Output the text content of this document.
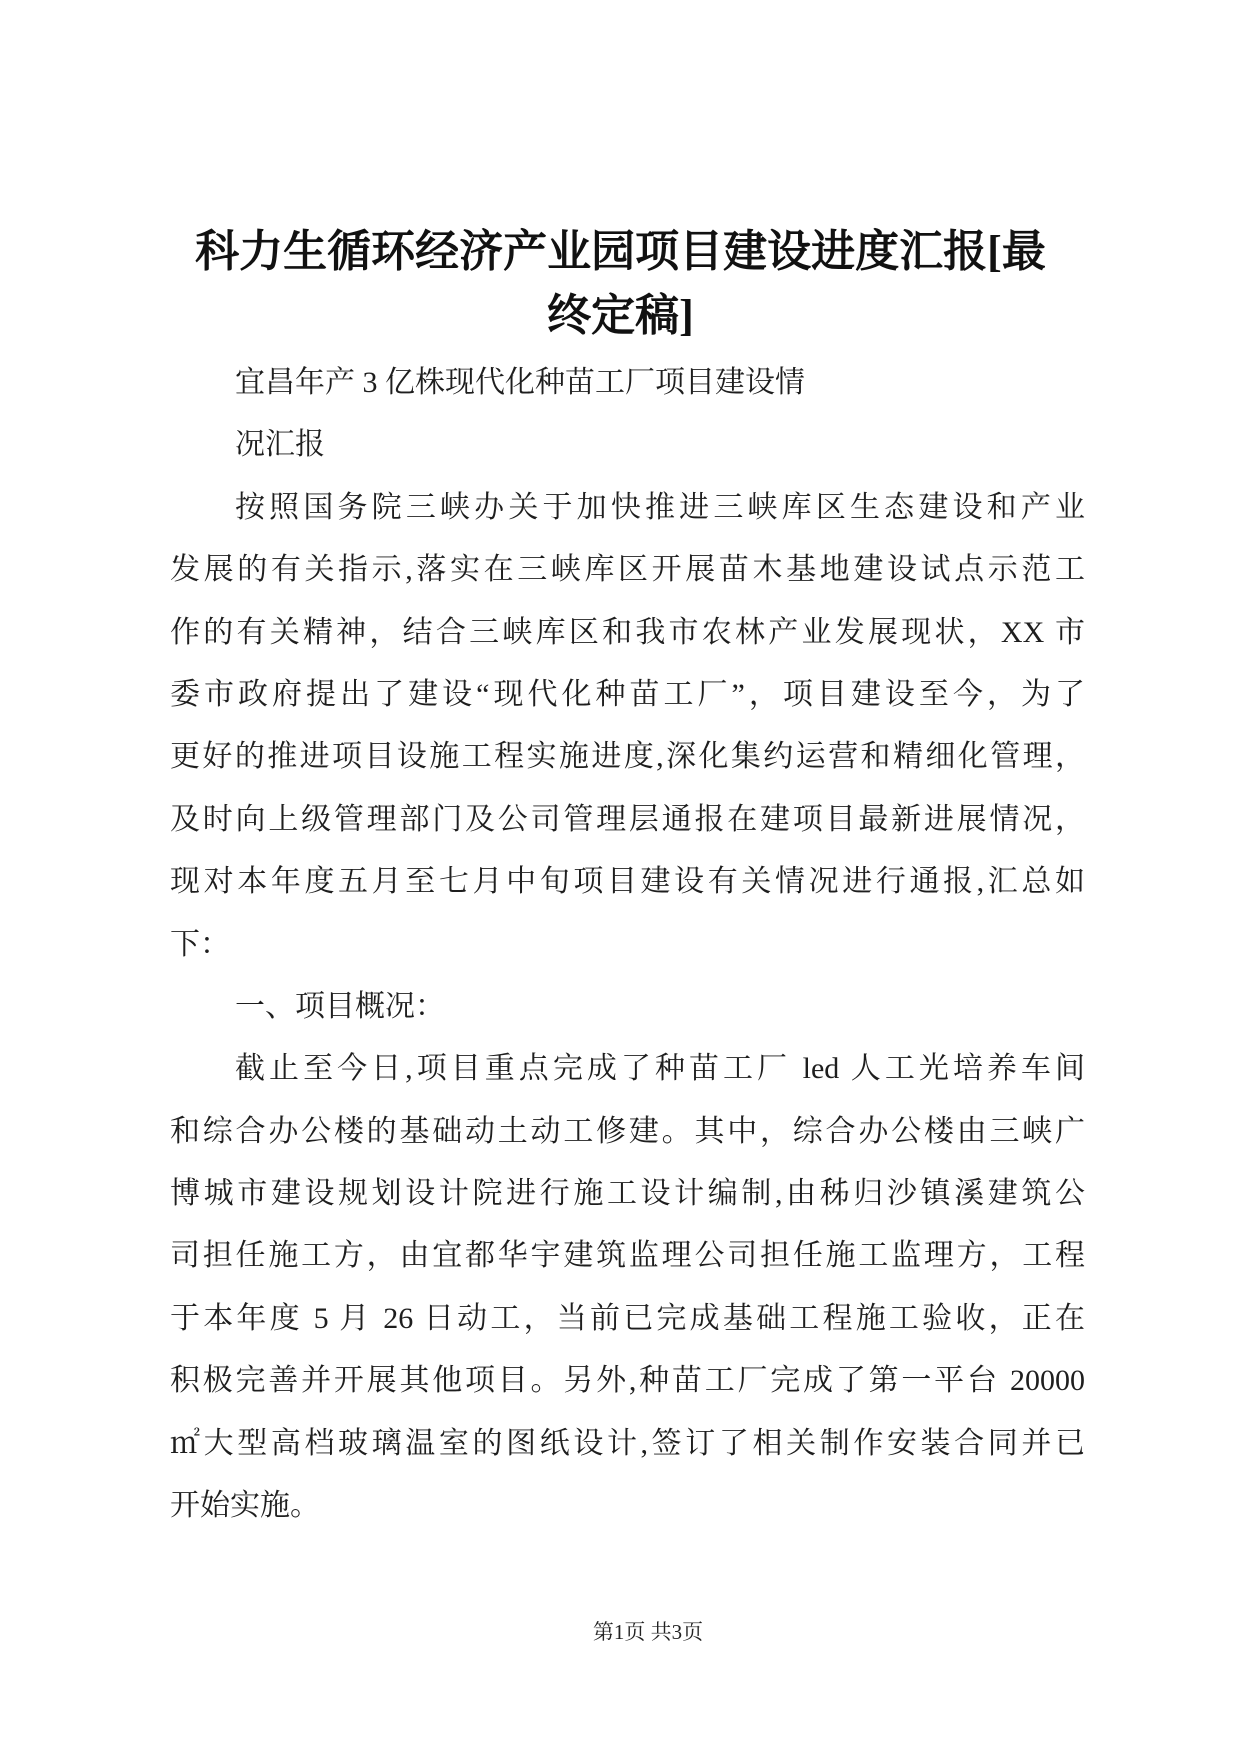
科力生循环经济产业园项目建设进度汇报[最
终定稿]
宜昌年产 3 亿株现代化种苗工厂项目建设情
况汇报
按照国务院三峡办关于加快推进三峡库区生态建设和产业
发展的有关指示,落实在三峡库区开展苗木基地建设试点示范工
作的有关精神，结合三峡库区和我市农林产业发展现状，XX 市
委市政府提出了建设“现代化种苗工厂”，项目建设至今，为了
更好的推进项目设施工程实施进度,深化集约运营和精细化管理，
及时向上级管理部门及公司管理层通报在建项目最新进展情况，
现对本年度五月至七月中旬项目建设有关情况进行通报,汇总如
下：
一、项目概况：
截止至今日,项目重点完成了种苗工厂 led 人工光培养车间
和综合办公楼的基础动土动工修建。其中，综合办公楼由三峡广
博城市建设规划设计院进行施工设计编制,由秭归沙镇溪建筑公
司担任施工方，由宜都华宇建筑监理公司担任施工监理方，工程
于本年度 5 月 26 日动工，当前已完成基础工程施工验收，正在
积极完善并开展其他项目。另外,种苗工厂完成了第一平台 20000
㎡大型高档玻璃温室的图纸设计,签订了相关制作安装合同并已
开始实施。
第1页 共3页
